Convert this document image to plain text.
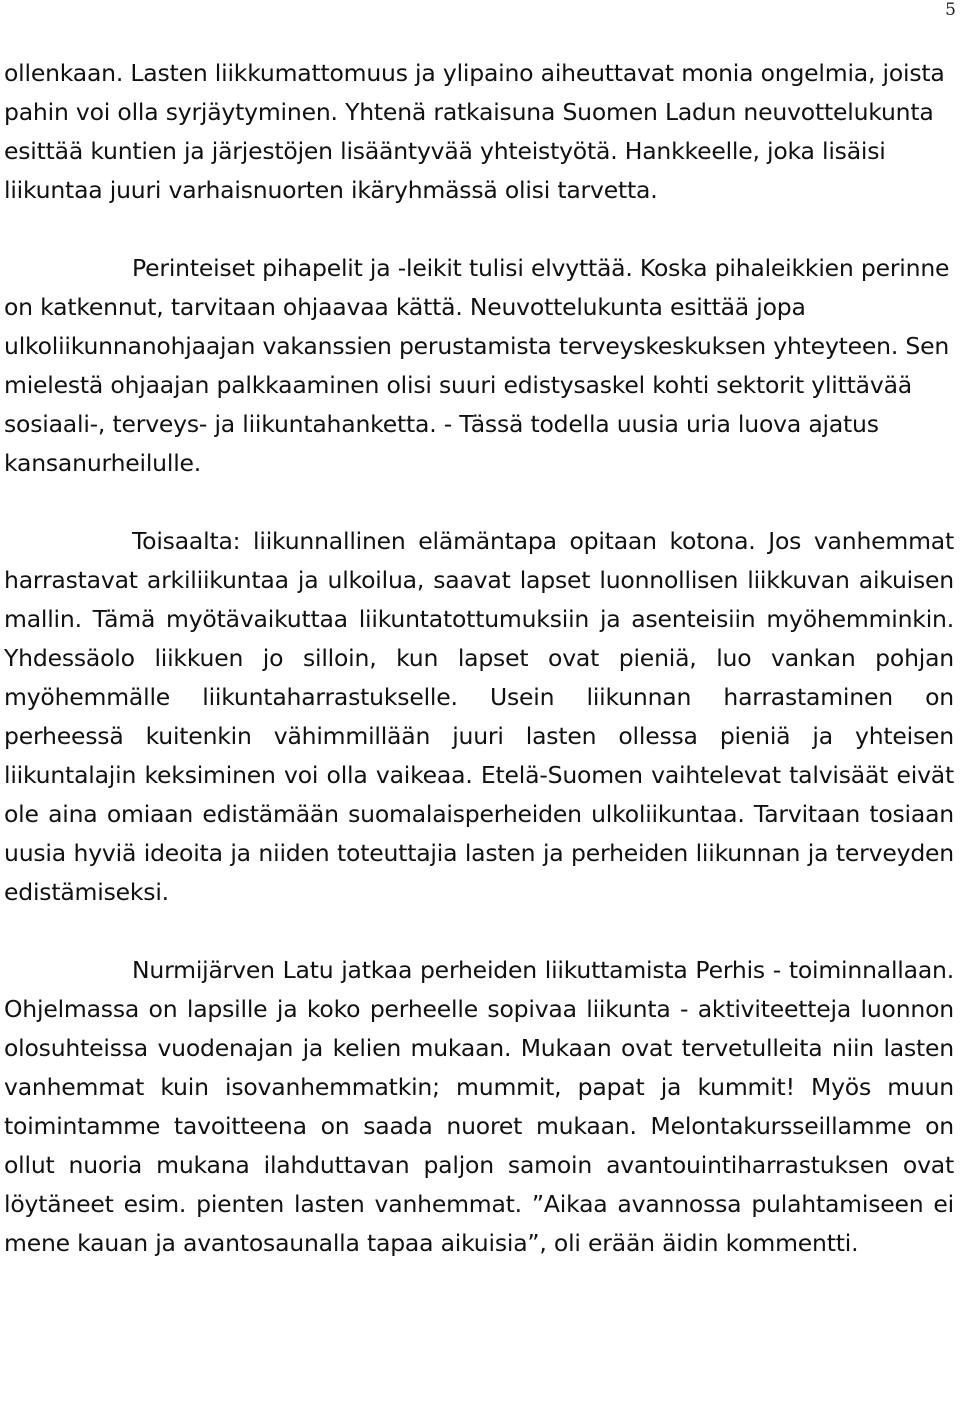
5

ollenkaan. Lasten liikkumattomuus ja ylipaino aiheuttavat monia ongelmia, joista pahin voi olla syrjäytyminen. Yhtenä ratkaisuna Suomen Ladun neuvottelukunta esittää kuntien ja järjestöjen lisääntyvää yhteistyötä. Hankkeelle, joka lisäisi liikuntaa juuri varhaisnuorten ikäryhmässä olisi tarvetta.

Perinteiset pihapelit ja -leikit tulisi elvyttää. Koska pihaleikkien perinne on katkennut, tarvitaan ohjaavaa kättä. Neuvottelukunta esittää jopa ulkoliikunnanohjaajan vakanssien perustamista terveyskeskuksen yhteyteen. Sen mielestä ohjaajan palkkaaminen olisi suuri edistysaskel kohti sektorit ylittävää sosiaali-, terveys- ja liikuntahanketta. - Tässä todella uusia uria luova ajatus kansanurheilulle.

Toisaalta: liikunnallinen elämäntapa opitaan kotona. Jos vanhemmat harrastavat arkiliikuntaa ja ulkoilua, saavat lapset luonnollisen liikkuvan aikuisen mallin. Tämä myötävaikuttaa liikuntatottumuksiin ja asenteisiin myöhemminkin. Yhdessäolo liikkuen jo silloin, kun lapset ovat pieniä, luo vankan pohjan myöhemmälle liikuntaharrastukselle. Usein liikunnan harrastaminen on perheessä kuitenkin vähimmillään juuri lasten ollessa pieniä ja yhteisen liikuntalajin keksiminen voi olla vaikeaa. Etelä-Suomen vaihtelevat talvisäät eivät ole aina omiaan edistämään suomalaisperheiden ulkoliikuntaa. Tarvitaan tosiaan uusia hyviä ideoita ja niiden toteuttajia lasten ja perheiden liikunnan ja terveyden edistämiseksi.

Nurmijärven Latu jatkaa perheiden liikuttamista Perhis - toiminnallaan. Ohjelmassa on lapsille ja koko perheelle sopivaa liikunta - aktiviteetteja luonnon olosuhteissa vuodenajan ja kelien mukaan. Mukaan ovat tervetulleita niin lasten vanhemmat kuin isovanhemmatkin; mummit, papat ja kummit! Myös muun toimintamme tavoitteena on saada nuoret mukaan. Melontakursseillamme on ollut nuoria mukana ilahduttavan paljon samoin avantouintiharrastuksen ovat löytäneet esim. pienten lasten vanhemmat. ”Aikaa avannossa pulahtamiseen ei mene kauan ja avantosaunalla tapaa aikuisia”, oli erään äidin kommentti.
